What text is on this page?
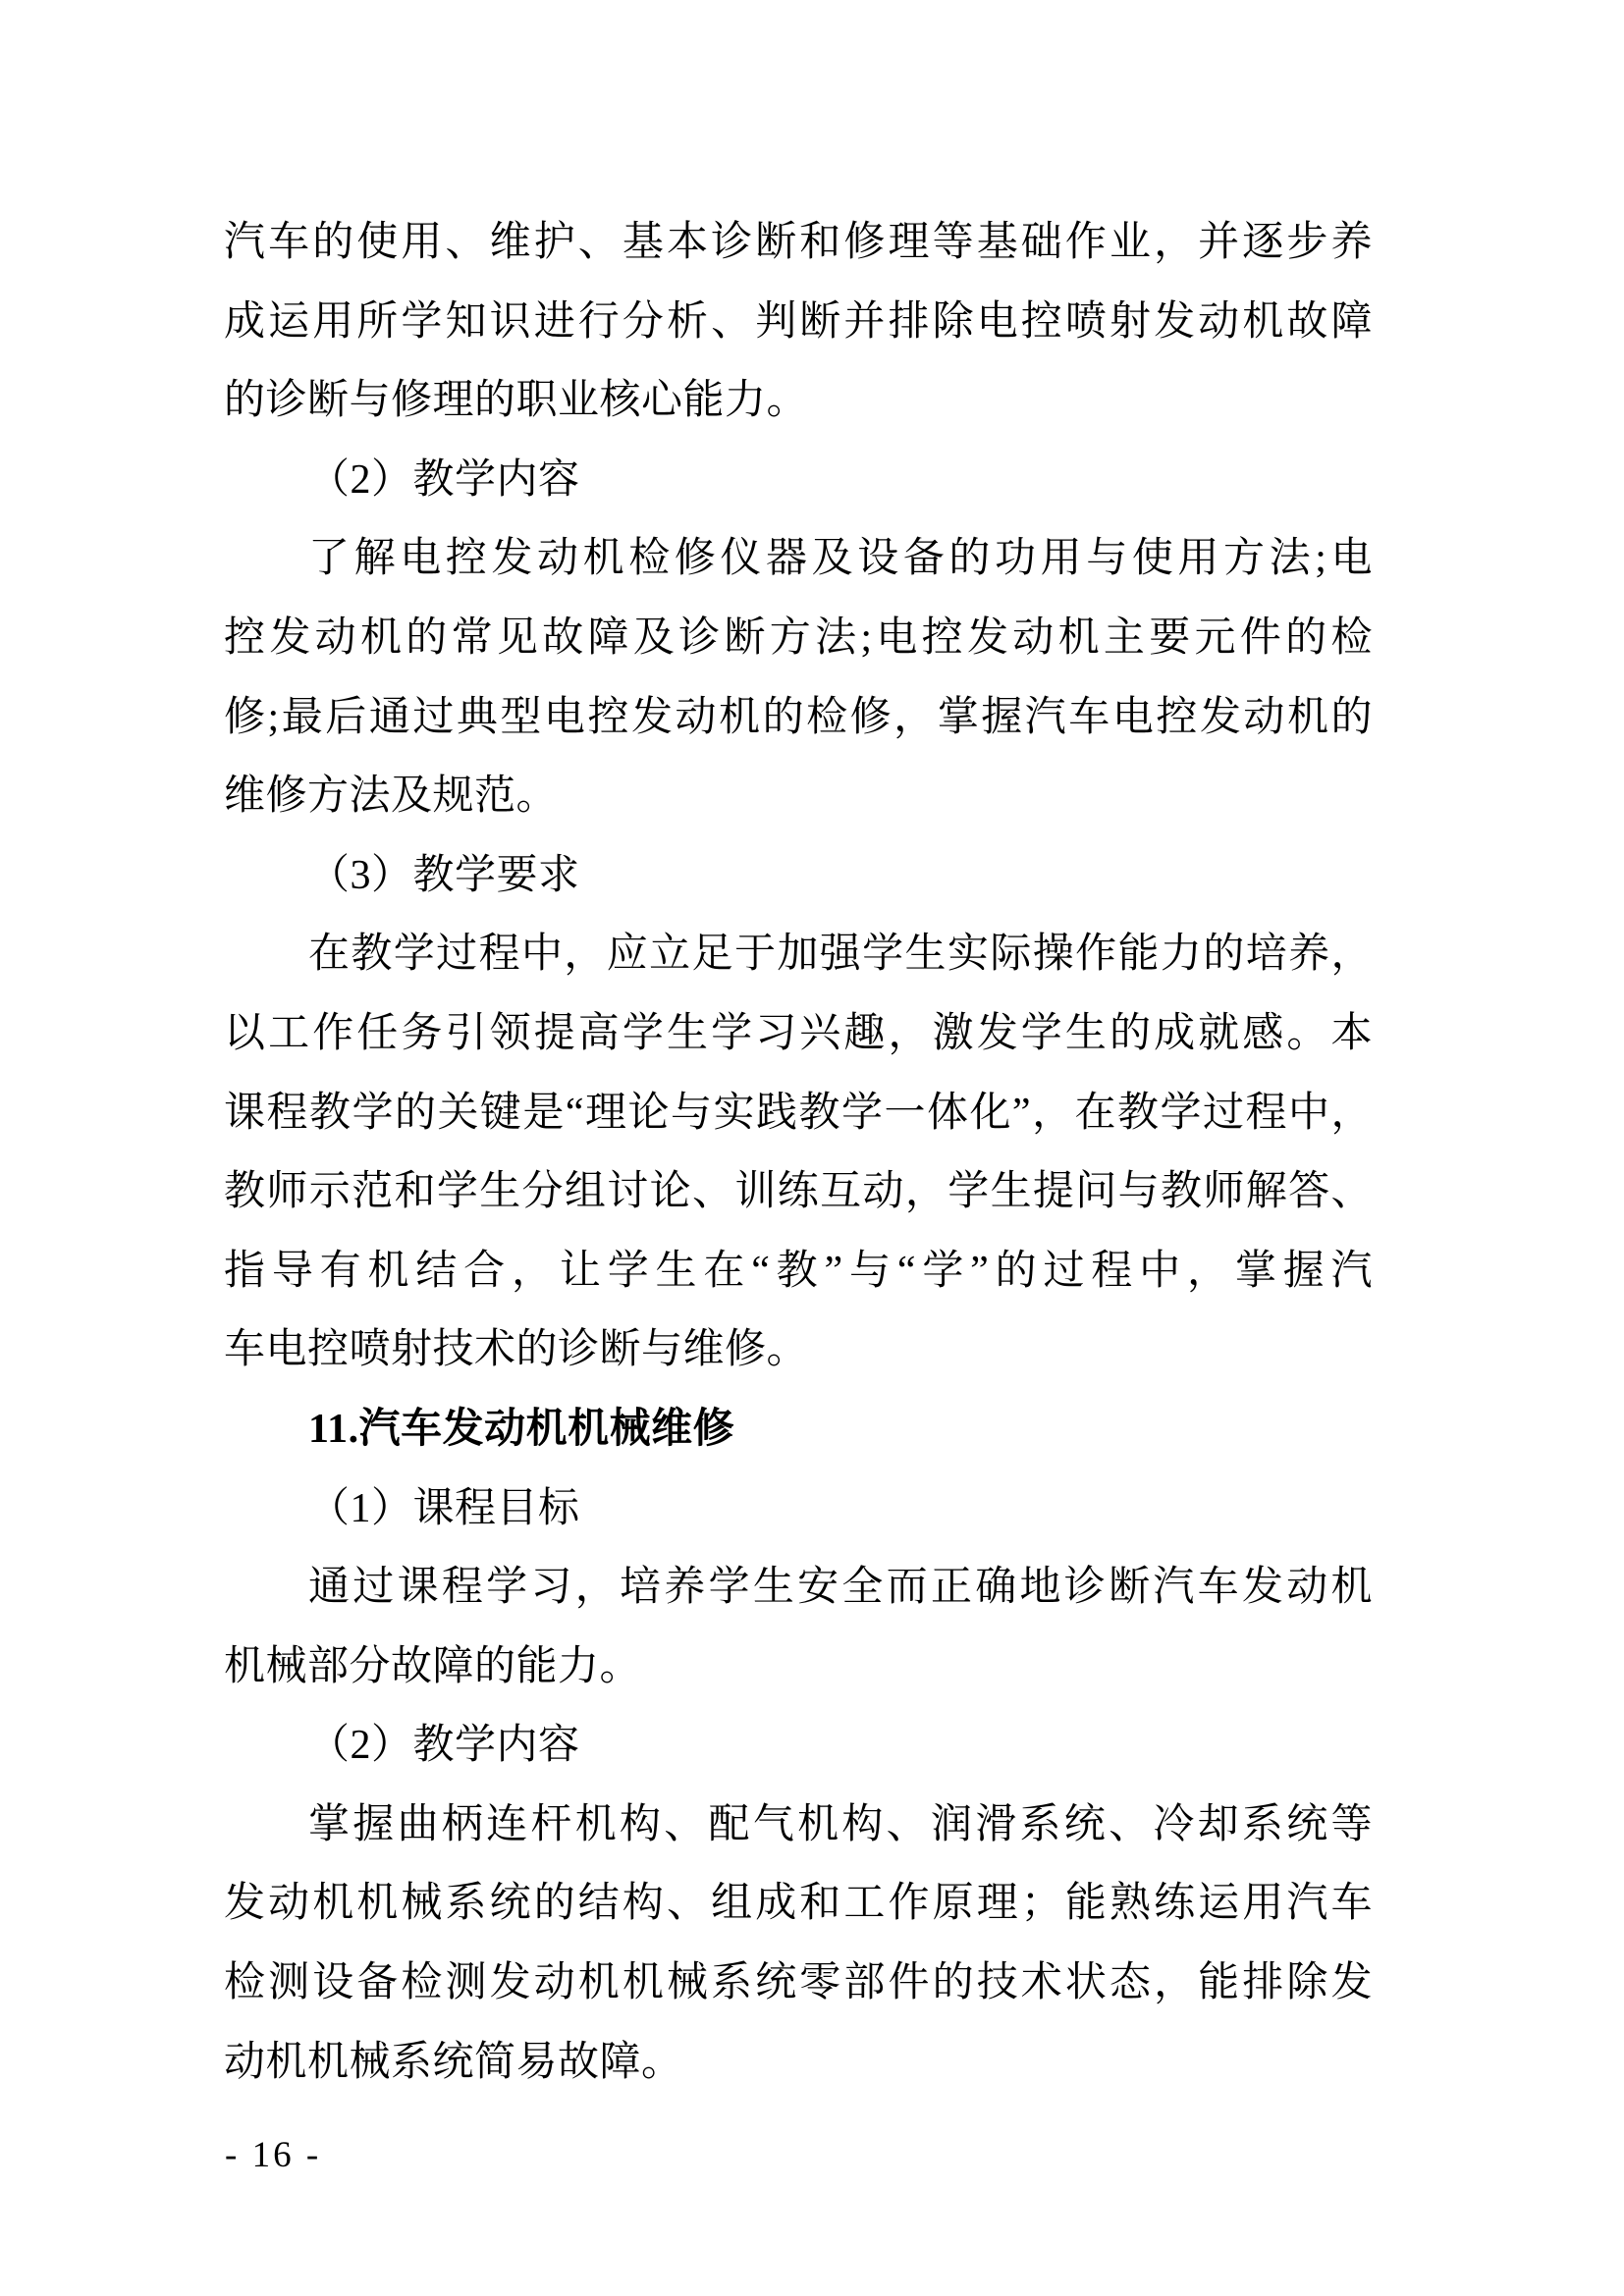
汽车的使用、维护、基本诊断和修理等基础作业，并逐步养
成运用所学知识进行分析、判断并排除电控喷射发动机故障
的诊断与修理的职业核心能力。
（2）教学内容
了解电控发动机检修仪器及设备的功用与使用方法;电
控发动机的常见故障及诊断方法;电控发动机主要元件的检
修;最后通过典型电控发动机的检修，掌握汽车电控发动机的
维修方法及规范。
（3）教学要求
在教学过程中，应立足于加强学生实际操作能力的培养，
以工作任务引领提高学生学习兴趣，激发学生的成就感。本
课程教学的关键是“理论与实践教学一体化”，在教学过程中，
教师示范和学生分组讨论、训练互动，学生提问与教师解答、
指导有机结合，让学生在“教”与“学”的过程中，掌握汽
车电控喷射技术的诊断与维修。
11.汽车发动机机械维修
（1）课程目标
通过课程学习，培养学生安全而正确地诊断汽车发动机
机械部分故障的能力。
（2）教学内容
掌握曲柄连杆机构、配气机构、润滑系统、冷却系统等
发动机机械系统的结构、组成和工作原理；能熟练运用汽车
检测设备检测发动机机械系统零部件的技术状态，能排除发
动机机械系统简易故障。
- 16 -
